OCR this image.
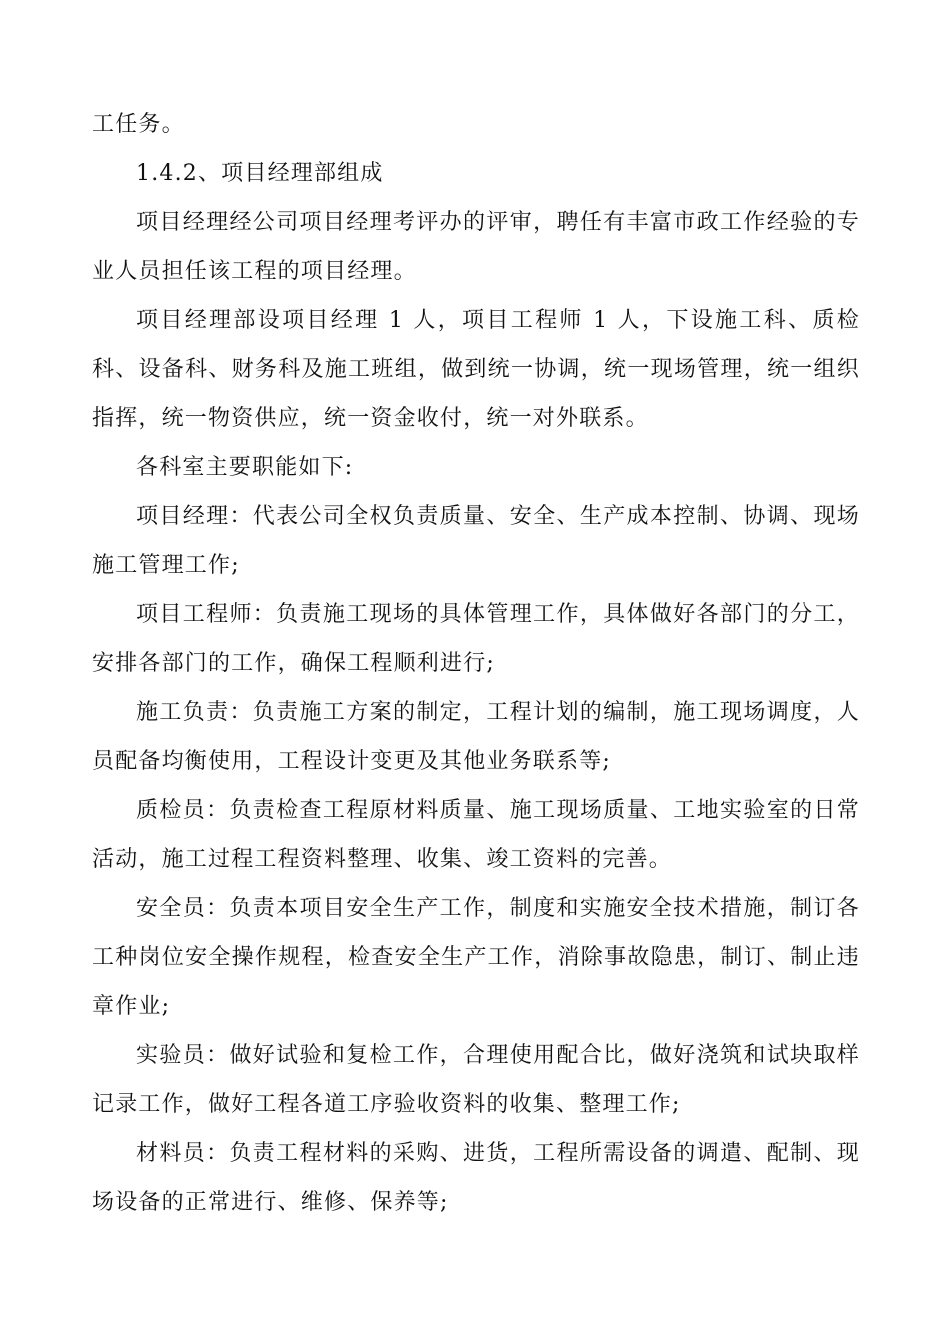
工任务。

1.4.2、项目经理部组成

项目经理经公司项目经理考评办的评审，聘任有丰富市政工作经验的专业人员担任该工程的项目经理。

项目经理部设项目经理 1 人，项目工程师 1 人，下设施工科、质检科、设备科、财务科及施工班组，做到统一协调，统一现场管理，统一组织指挥，统一物资供应，统一资金收付，统一对外联系。

各科室主要职能如下:

项目经理：代表公司全权负责质量、安全、生产成本控制、协调、现场施工管理工作;

项目工程师：负责施工现场的具体管理工作，具体做好各部门的分工，安排各部门的工作，确保工程顺利进行;

施工负责：负责施工方案的制定，工程计划的编制，施工现场调度，人员配备均衡使用，工程设计变更及其他业务联系等;

质检员：负责检查工程原材料质量、施工现场质量、工地实验室的日常活动，施工过程工程资料整理、收集、竣工资料的完善。

安全员：负责本项目安全生产工作，制度和实施安全技术措施，制订各工种岗位安全操作规程，检查安全生产工作，消除事故隐患，制订、制止违章作业;

实验员：做好试验和复检工作，合理使用配合比，做好浇筑和试块取样记录工作，做好工程各道工序验收资料的收集、整理工作;

材料员：负责工程材料的采购、进货，工程所需设备的调遣、配制、现场设备的正常进行、维修、保养等;
